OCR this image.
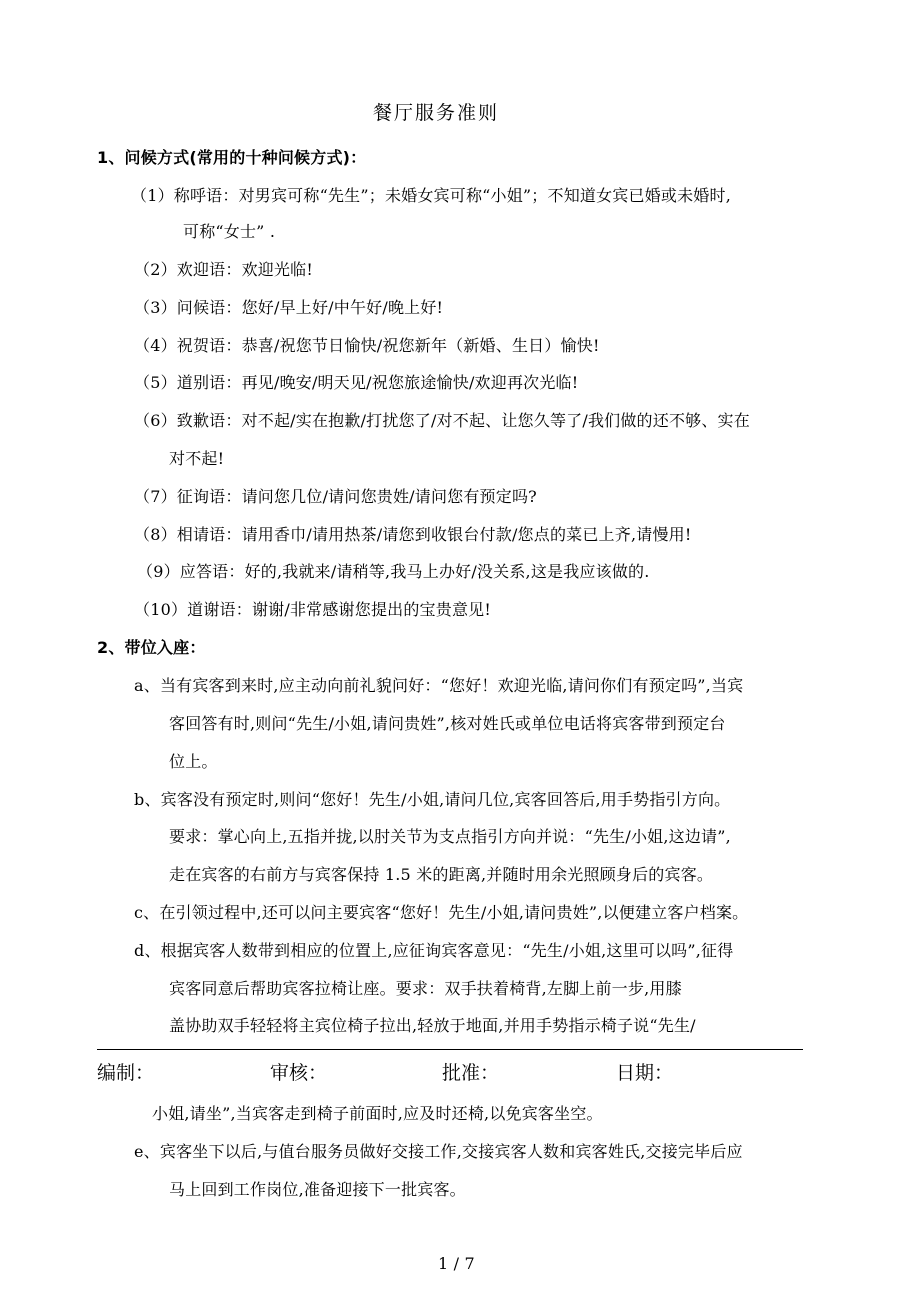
餐厅服务准则
1、问候方式(常用的十种问候方式)：
（1）称呼语：对男宾可称“先生”；未婚女宾可称“小姐”；不知道女宾已婚或未婚时,
可称“女士” .
（2）欢迎语：欢迎光临!
（3）问候语：您好/早上好/中午好/晚上好!
（4）祝贺语：恭喜/祝您节日愉快/祝您新年（新婚、生日）愉快!
（5）道别语：再见/晚安/明天见/祝您旅途愉快/欢迎再次光临!
（6）致歉语：对不起/实在抱歉/打扰您了/对不起、让您久等了/我们做的还不够、实在
对不起!
（7）征询语：请问您几位/请问您贵姓/请问您有预定吗?
（8）相请语：请用香巾/请用热茶/请您到收银台付款/您点的菜已上齐,请慢用!
（9）应答语：好的,我就来/请稍等,我马上办好/没关系,这是我应该做的.
（10）道谢语：谢谢/非常感谢您提出的宝贵意见!
2、带位入座：
a、当有宾客到来时,应主动向前礼貌问好：“您好！欢迎光临,请问你们有预定吗”,当宾
客回答有时,则问“先生/小姐,请问贵姓”,核对姓氏或单位电话将宾客带到预定台
位上。
b、宾客没有预定时,则问“您好！先生/小姐,请问几位,宾客回答后,用手势指引方向。
要求：掌心向上,五指并拢,以肘关节为支点指引方向并说：“先生/小姐,这边请”,
走在宾客的右前方与宾客保持 1.5 米的距离,并随时用余光照顾身后的宾客。
c、在引领过程中,还可以问主要宾客“您好！先生/小姐,请问贵姓”,以便建立客户档案。
d、根据宾客人数带到相应的位置上,应征询宾客意见：“先生/小姐,这里可以吗”,征得
宾客同意后帮助宾客拉椅让座。要求：双手扶着椅背,左脚上前一步,用膝
盖协助双手轻轻将主宾位椅子拉出,轻放于地面,并用手势指示椅子说“先生/
编制：	审核：	批准：	日期：
小姐,请坐”,当宾客走到椅子前面时,应及时还椅,以免宾客坐空。
e、宾客坐下以后,与值台服务员做好交接工作,交接宾客人数和宾客姓氏,交接完毕后应
马上回到工作岗位,准备迎接下一批宾客。
1 / 7
